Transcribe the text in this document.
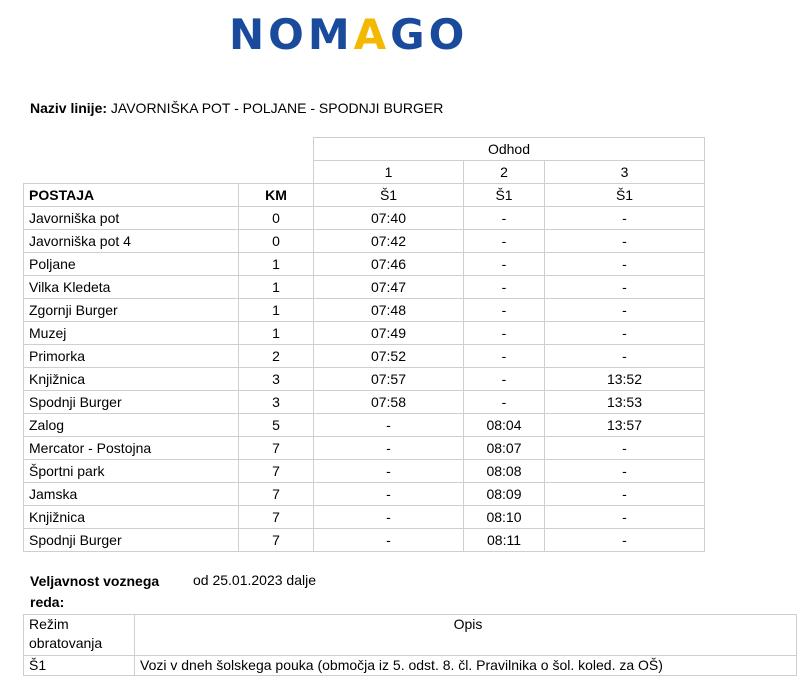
NOMAGO
Naziv linije: JAVORNIŠKA POT - POLJANE - SPODNJI BURGER
		Odhod		
		1	2	3
POSTAJA	KM	Š1	Š1	Š1
Javorniška pot	0	07:40	-	-
Javorniška pot 4	0	07:42	-	-
Poljane	1	07:46	-	-
Vilka Kledeta	1	07:47	-	-
Zgornji Burger	1	07:48	-	-
Muzej	1	07:49	-	-
Primorka	2	07:52	-	-
Knjižnica	3	07:57	-	13:52
Spodnji Burger	3	07:58	-	13:53
Zalog	5	-	08:04	13:57
Mercator - Postojna	7	-	08:07	-
Športni park	7	-	08:08	-
Jamska	7	-	08:09	-
Knjižnica	7	-	08:10	-
Spodnji Burger	7	-	08:11	-
Veljavnost voznega reda:
od 25.01.2023 dalje
Režim obratovanja	Opis
Š1	Vozi v dneh šolskega pouka (območja iz 5. odst. 8. čl. Pravilnika o šol. koled. za OŠ)
